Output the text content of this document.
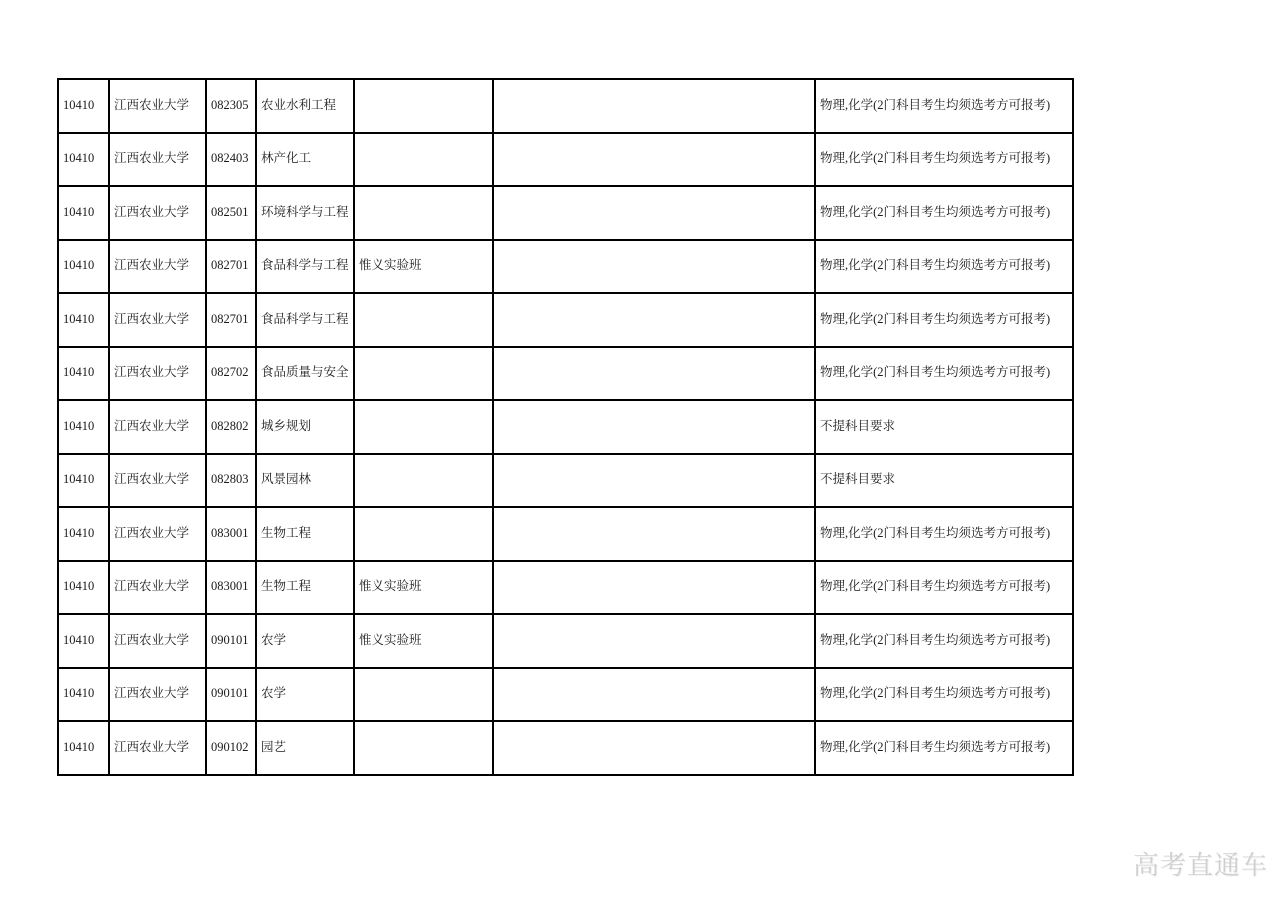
10410	江西农业大学	082305	农业水利工程			物理,化学(2门科目考生均须选考方可报考)
10410	江西农业大学	082403	林产化工			物理,化学(2门科目考生均须选考方可报考)
10410	江西农业大学	082501	环境科学与工程			物理,化学(2门科目考生均须选考方可报考)
10410	江西农业大学	082701	食品科学与工程	惟义实验班		物理,化学(2门科目考生均须选考方可报考)
10410	江西农业大学	082701	食品科学与工程			物理,化学(2门科目考生均须选考方可报考)
10410	江西农业大学	082702	食品质量与安全			物理,化学(2门科目考生均须选考方可报考)
10410	江西农业大学	082802	城乡规划			不提科目要求
10410	江西农业大学	082803	风景园林			不提科目要求
10410	江西农业大学	083001	生物工程			物理,化学(2门科目考生均须选考方可报考)
10410	江西农业大学	083001	生物工程	惟义实验班		物理,化学(2门科目考生均须选考方可报考)
10410	江西农业大学	090101	农学	惟义实验班		物理,化学(2门科目考生均须选考方可报考)
10410	江西农业大学	090101	农学			物理,化学(2门科目考生均须选考方可报考)
10410	江西农业大学	090102	园艺			物理,化学(2门科目考生均须选考方可报考)
高考直通车
